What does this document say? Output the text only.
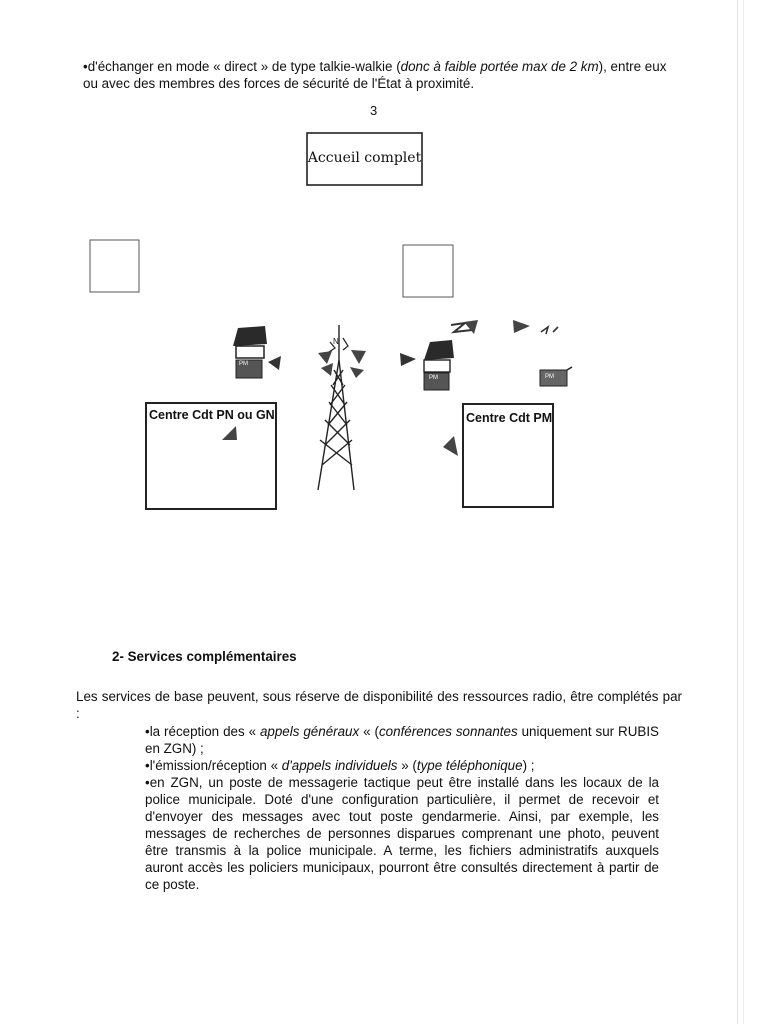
•d'échanger en mode « direct » de type talkie-walkie (donc à faible portée max de 2 km), entre eux ou avec des membres des forces de sécurité de l'État à proximité.
3
Accueil complet
Centre Cdt PN ou GN	Centre Cdt PM
PM
PM	PM
N
2- Services complémentaires
Les services de base peuvent, sous réserve de disponibilité des ressources radio, être complétés par :

•la réception des « appels généraux « (conférences sonnantes uniquement sur RUBIS en ZGN) ;

•l'émission/réception « d'appels individuels » (type téléphonique) ;

•en ZGN, un poste de messagerie tactique peut être installé dans les locaux de la police municipale. Doté d'une configuration particulière, il permet de recevoir et d'envoyer des messages avec tout poste gendarmerie. Ainsi, par exemple, les messages de recherches de personnes disparues comprenant une photo, peuvent être transmis à la police municipale. A terme, les fichiers administratifs auxquels auront accès les policiers municipaux, pourront être consultés directement à partir de ce poste.
